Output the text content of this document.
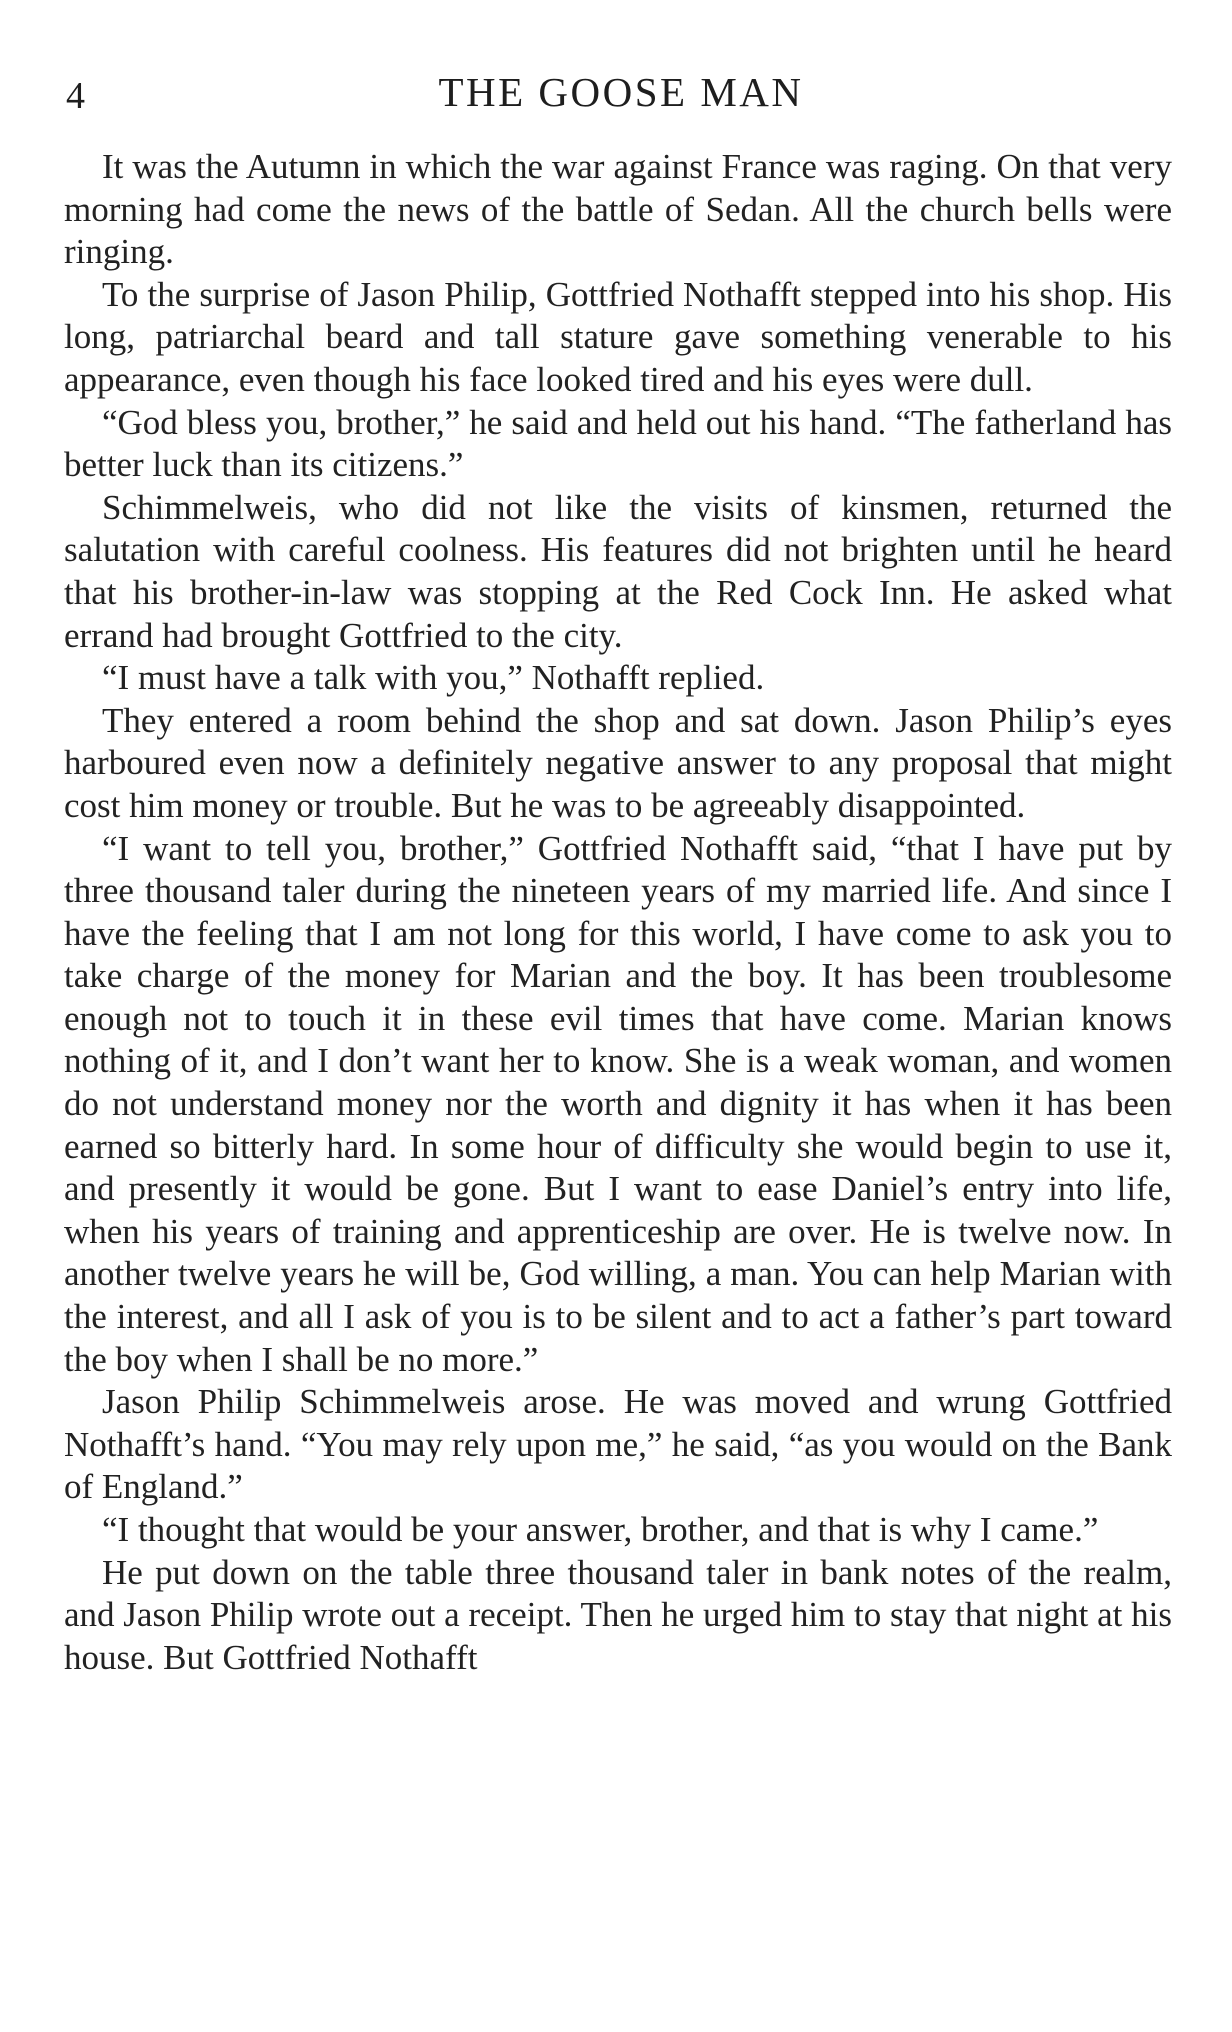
4	THE GOOSE MAN

It was the Autumn in which the war against France was raging. On that very morning had come the news of the battle of Sedan. All the church bells were ringing.

To the surprise of Jason Philip, Gottfried Nothafft stepped into his shop. His long, patriarchal beard and tall stature gave something venerable to his appearance, even though his face looked tired and his eyes were dull.

“God bless you, brother,” he said and held out his hand. “The fatherland has better luck than its citizens.”

Schimmelweis, who did not like the visits of kinsmen, returned the salutation with careful coolness. His features did not brighten until he heard that his brother-in-law was stopping at the Red Cock Inn. He asked what errand had brought Gottfried to the city.

“I must have a talk with you,” Nothafft replied.

They entered a room behind the shop and sat down. Jason Philip’s eyes harboured even now a definitely negative answer to any proposal that might cost him money or trouble. But he was to be agreeably disappointed.

“I want to tell you, brother,” Gottfried Nothafft said, “that I have put by three thousand taler during the nineteen years of my married life. And since I have the feeling that I am not long for this world, I have come to ask you to take charge of the money for Marian and the boy. It has been troublesome enough not to touch it in these evil times that have come. Marian knows nothing of it, and I don’t want her to know. She is a weak woman, and women do not understand money nor the worth and dignity it has when it has been earned so bitterly hard. In some hour of difficulty she would begin to use it, and presently it would be gone. But I want to ease Daniel’s entry into life, when his years of training and apprenticeship are over. He is twelve now. In another twelve years he will be, God willing, a man. You can help Marian with the interest, and all I ask of you is to be silent and to act a father’s part toward the boy when I shall be no more.”

Jason Philip Schimmelweis arose. He was moved and wrung Gottfried Nothafft’s hand. “You may rely upon me,” he said, “as you would on the Bank of England.”

“I thought that would be your answer, brother, and that is why I came.”

He put down on the table three thousand taler in bank notes of the realm, and Jason Philip wrote out a receipt. Then he urged him to stay that night at his house. But Gottfried Nothafft
